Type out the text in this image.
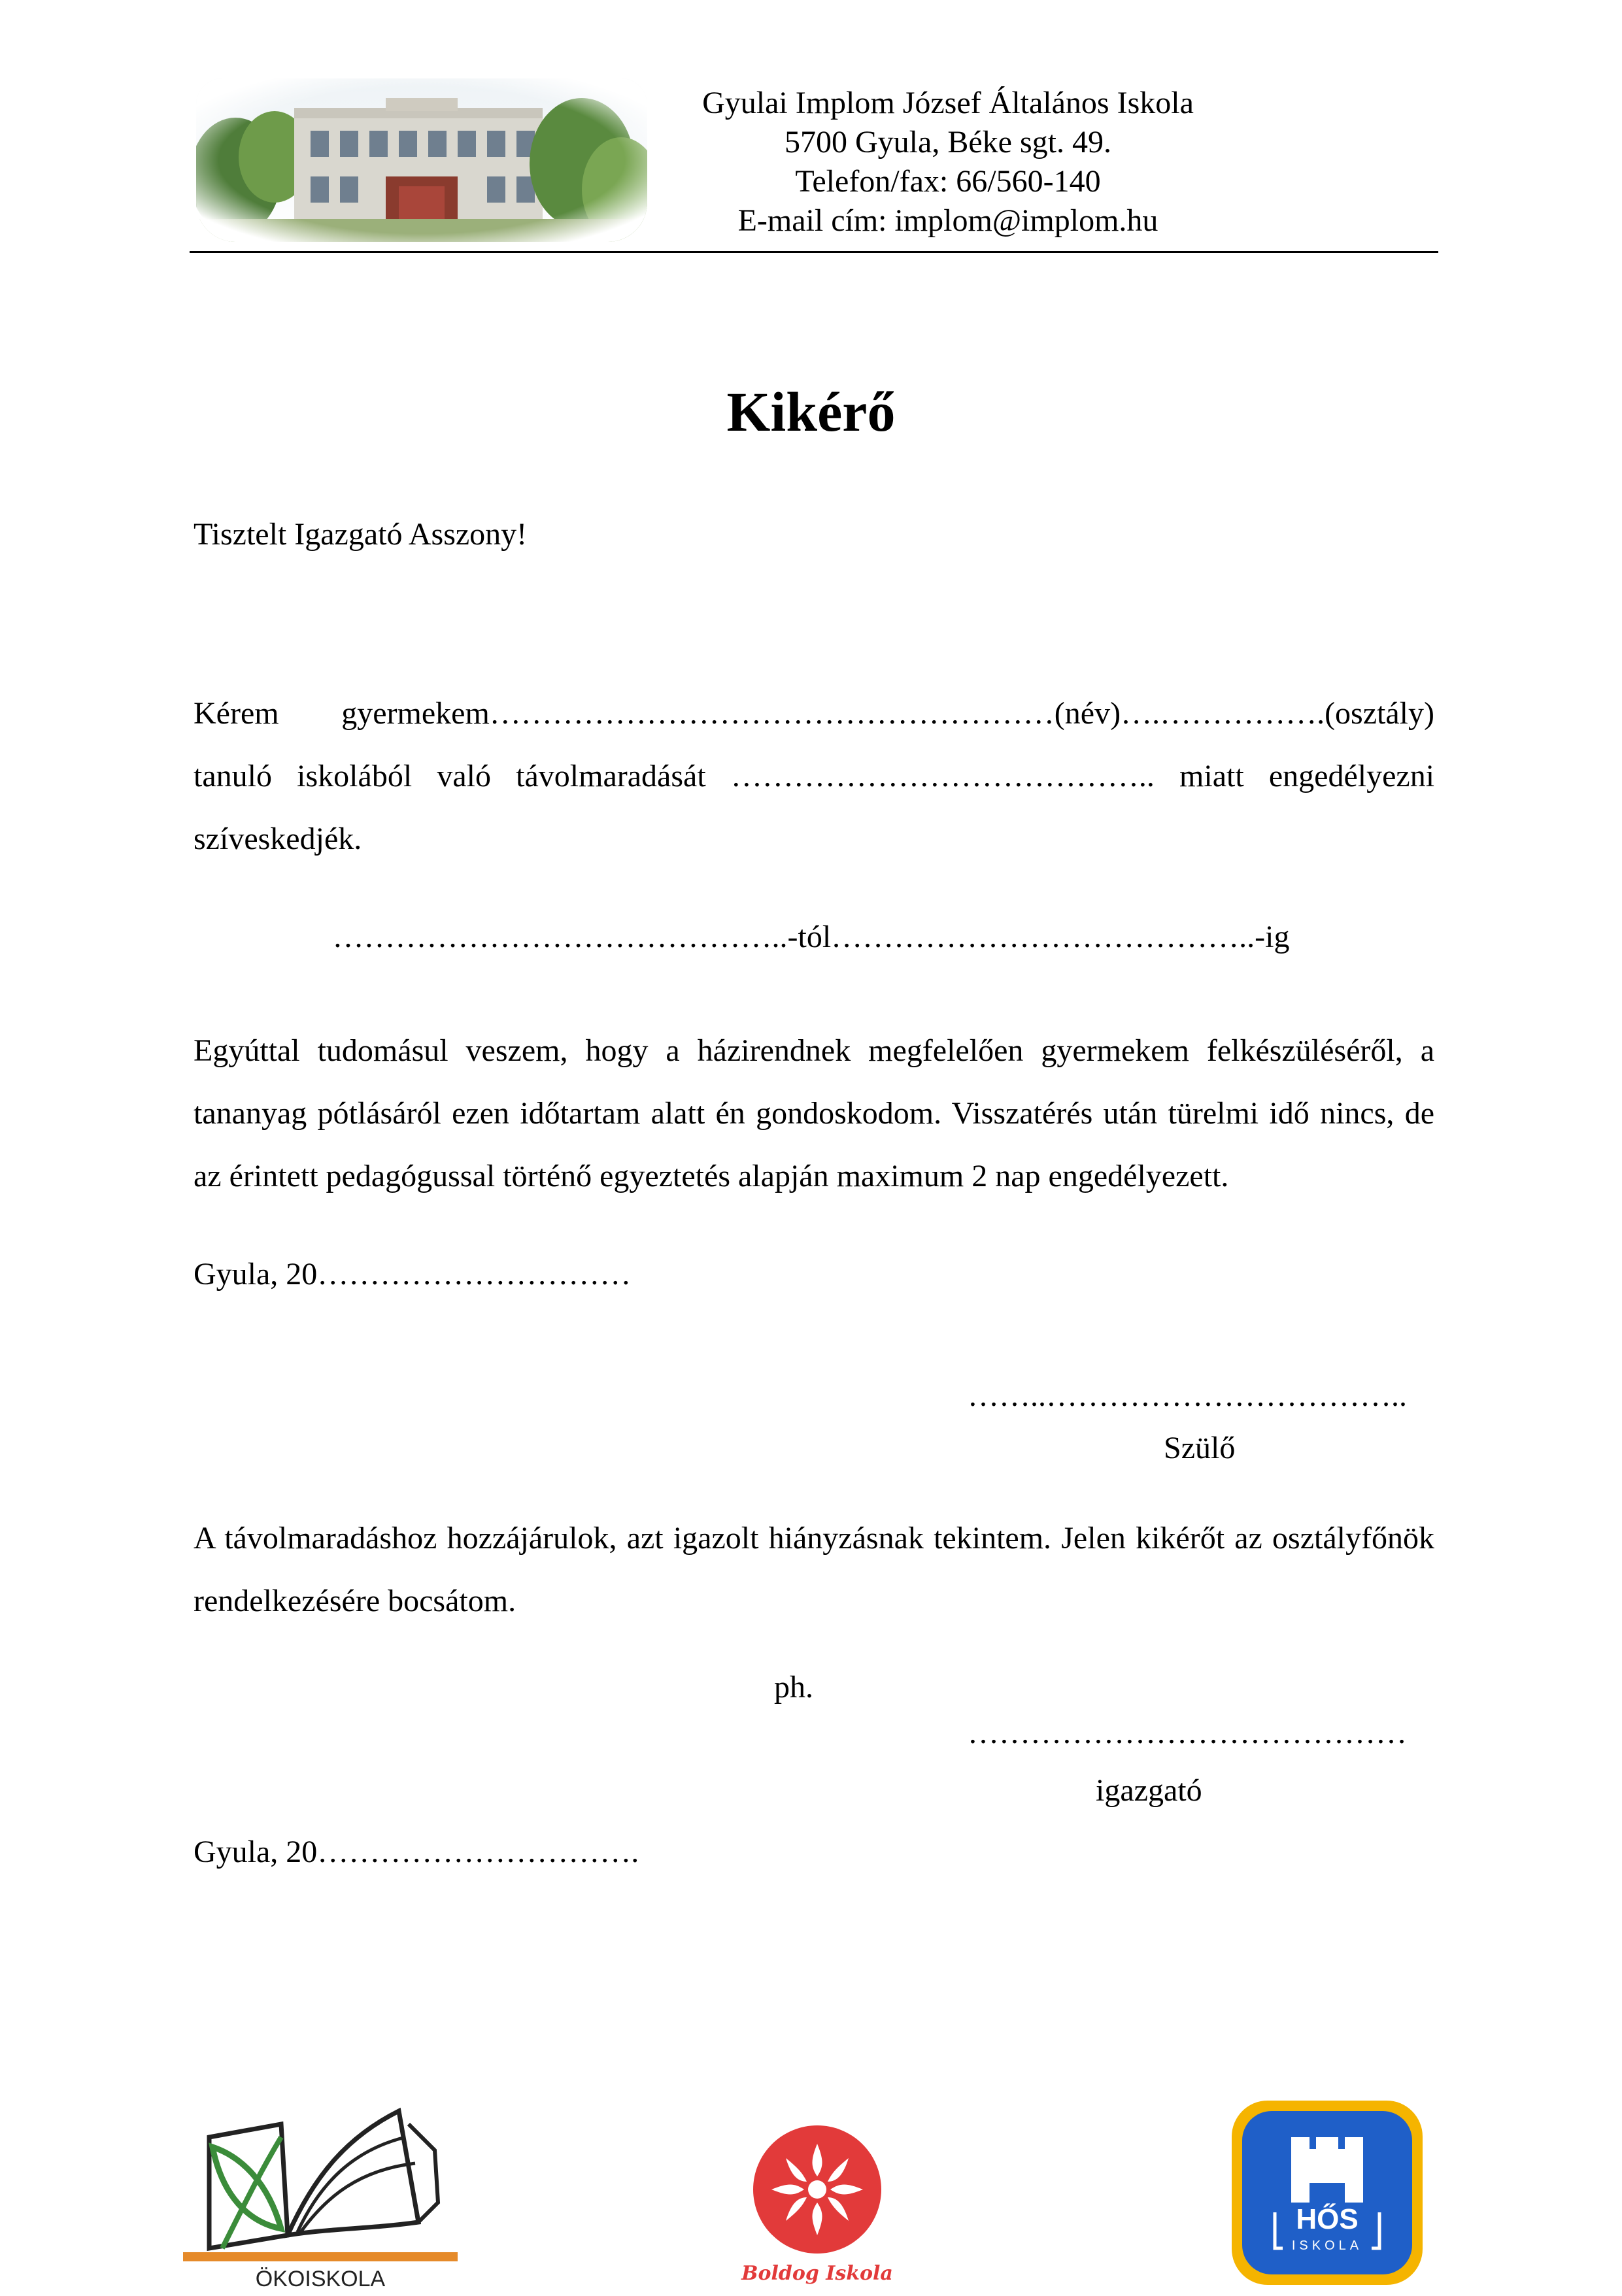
Gyulai Implom József Általános Iskola
5700 Gyula, Béke sgt. 49.
Telefon/fax: 66/560-140
E-mail cím: implom@implom.hu
Kikérő
Tisztelt Igazgató Asszony!
Kérem gyermekem………………………………………………(név)….…………….(osztály)
tanuló iskolából való távolmaradását ………………………………….. miatt engedélyezni
szíveskedjék.
……………………………………..-tól…………………………………..-ig
Egyúttal tudomásul veszem, hogy a házirendnek megfelelően gyermekem felkészüléséről, a tananyag pótlásáról ezen időtartam alatt én gondoskodom. Visszatérés után türelmi idő nincs, de az érintett pedagógussal történő egyeztetés alapján maximum 2 nap engedélyezett.
Gyula, 20…………………………
……..……………………………..
Szülő
A távolmaradáshoz hozzájárulok, azt igazolt hiányzásnak tekintem. Jelen kikérőt az osztályfőnök rendelkezésére bocsátom.
ph.
……………………………………
igazgató
Gyula, 20………………………….
ÖKOISKOLA	Boldog Iskola
HŐS
ISKOLA
